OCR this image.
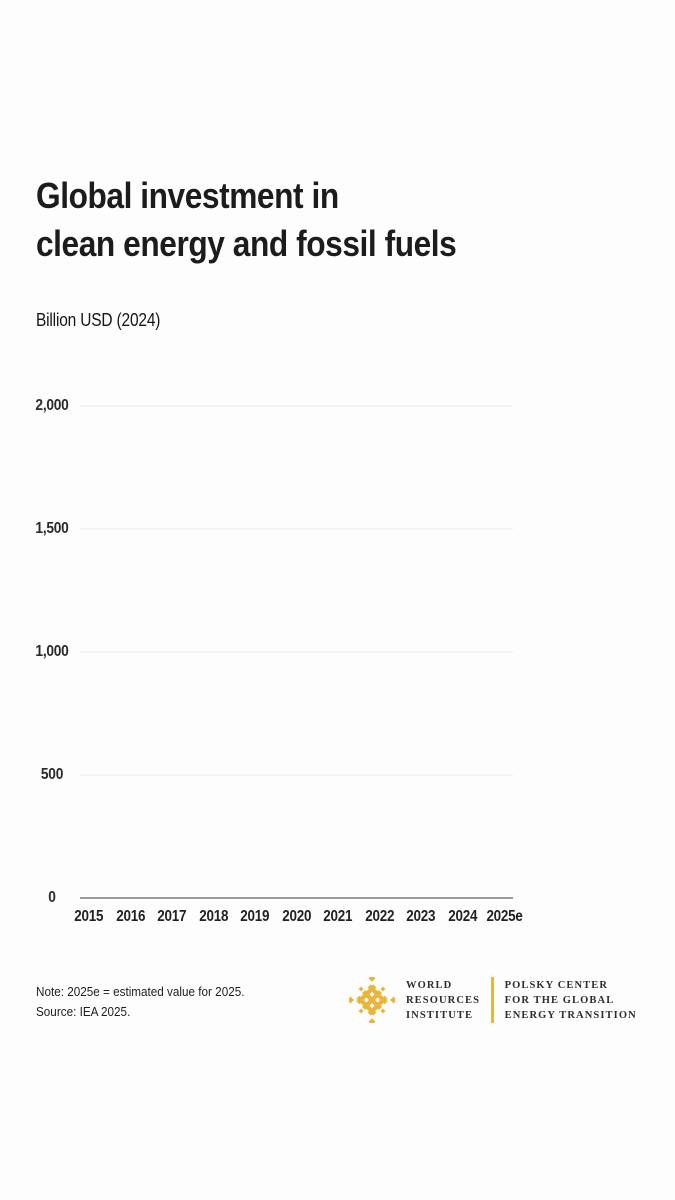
Global investment in
clean energy and fossil fuels
Billion USD (2024)
2,000
1,500
1,000
500
0
2015 2016 2017 2018 2019 2020 2021 2022 2023 2024 2025e
Note: 2025e = estimated value for 2025.
Source: IEA 2025.
WORLD
RESOURCES
INSTITUTE
POLSKY CENTER
FOR THE GLOBAL
ENERGY TRANSITION
